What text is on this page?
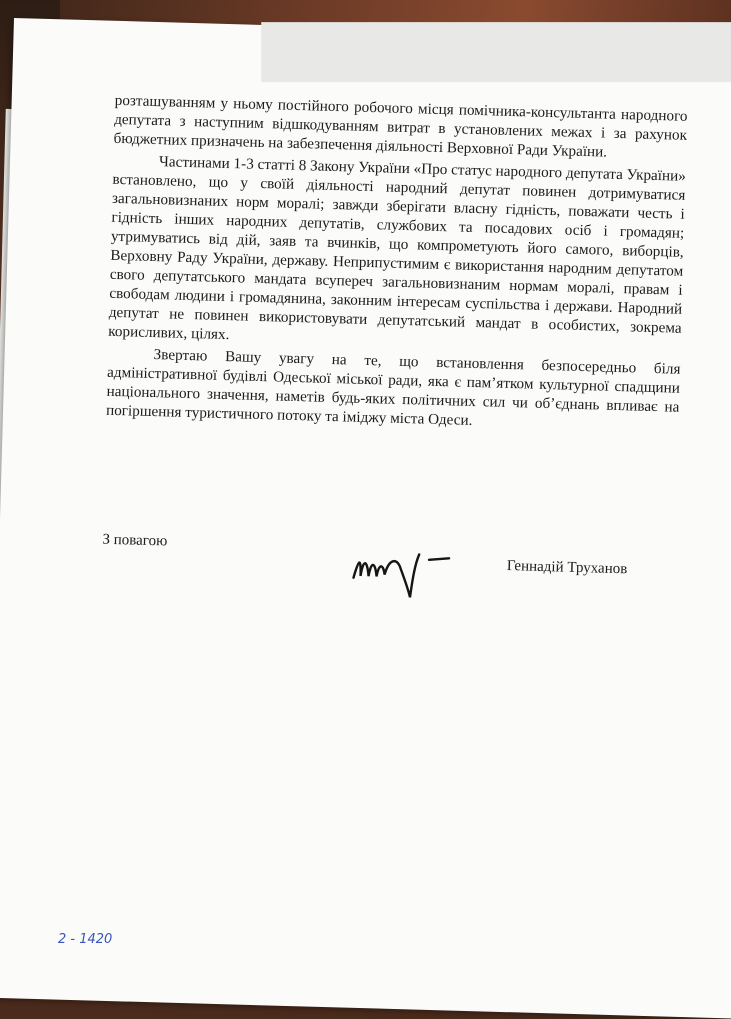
розташуванням у ньому постійного робочого місця помічника-консультанта народного депутата з наступним відшкодуванням витрат в установлених межах і за рахунок бюджетних призначень на забезпечення діяльності Верховної Ради України.

Частинами 1-3 статті 8 Закону України «Про статус народного депутата України» встановлено, що у своїй діяльності народний депутат повинен дотримуватися загальновизнаних норм моралі; завжди зберігати власну гідність, поважати честь і гідність інших народних депутатів, службових та посадових осіб і громадян; утримуватись від дій, заяв та вчинків, що компрометують його самого, виборців, Верховну Раду України, державу. Неприпустимим є використання народним депутатом свого депутатського мандата всупереч загальновизнаним нормам моралі, правам і свободам людини і громадянина, законним інтересам суспільства і держави. Народний депутат не повинен використовувати депутатський мандат в особистих, зокрема корисливих, цілях.

Звертаю Вашу увагу на те, що встановлення безпосередньо біля адміністративної будівлі Одеської міської ради, яка є пам’ятком культурної спадщини національного значення, наметів будь-яких політичних сил чи об’єднань впливає на погіршення туристичного потоку та іміджу міста Одеси.

З повагою
Геннадій Труханов
2 - 1420
